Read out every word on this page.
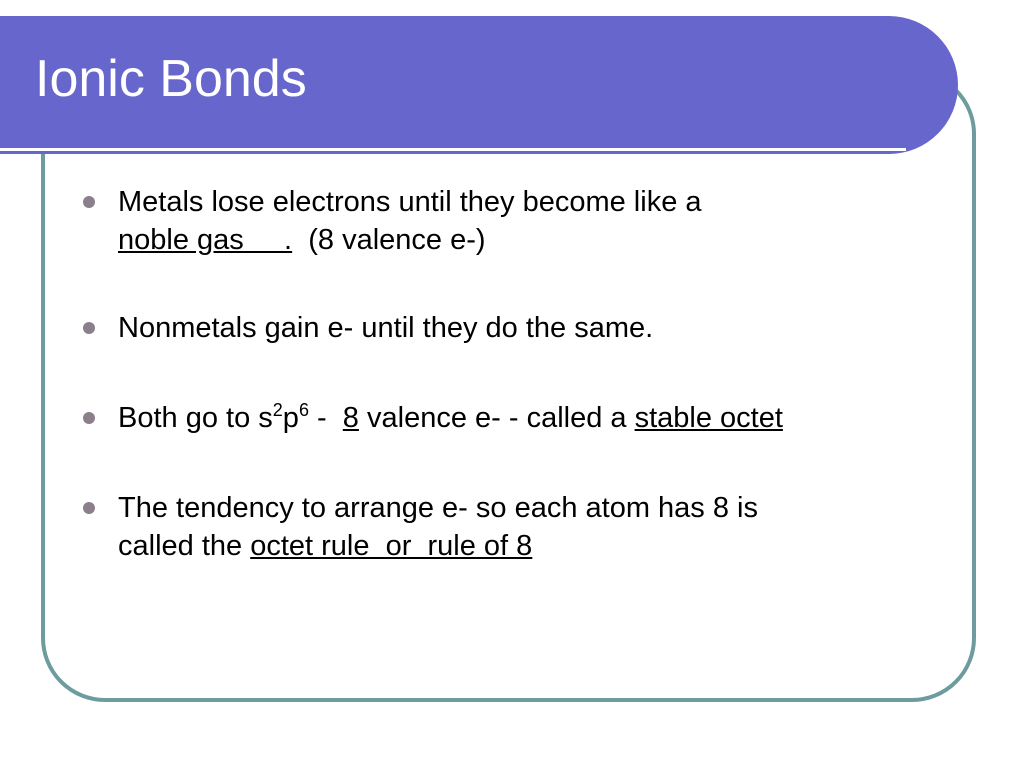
Ionic Bonds
Metals lose electrons until they become like a
noble gas     .  (8 valence e-)
Nonmetals gain e- until they do the same.
Both go to $s^2p^6 - 8$ valence e- - called a stable octet
The tendency to arrange e- so each atom has 8 is
called the octet rule  or  rule of 8
